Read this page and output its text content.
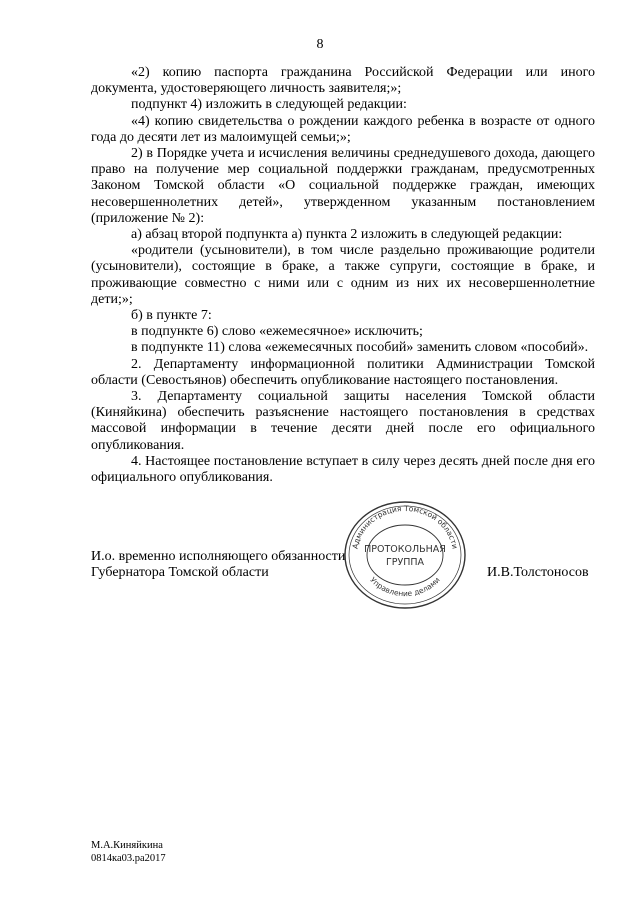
8

«2) копию паспорта гражданина Российской Федерации или иного документа, удостоверяющего личность заявителя;»;

подпункт 4) изложить в следующей редакции:

«4) копию свидетельства о рождении каждого ребенка в возрасте от одного года до десяти лет из малоимущей семьи;»;

2) в Порядке учета и исчисления величины среднедушевого дохода, дающего право на получение мер социальной поддержки гражданам, предусмотренных Законом Томской области «О социальной поддержке граждан, имеющих несовершеннолетних детей», утвержденном указанным постановлением (приложение № 2):

а) абзац второй подпункта а) пункта 2 изложить в следующей редакции:

«родители (усыновители), в том числе раздельно проживающие родители (усыновители), состоящие в браке, а также супруги, состоящие в браке, и проживающие совместно с ними или с одним из них их несовершеннолетние дети;»;

б) в пункте 7:

в подпункте 6) слово «ежемесячное» исключить;

в подпункте 11) слова «ежемесячных пособий» заменить словом «пособий».

2. Департаменту информационной политики Администрации Томской области (Севостьянов) обеспечить опубликование настоящего постановления.

3. Департаменту социальной защиты населения Томской области (Киняйкина) обеспечить разъяснение настоящего постановления в средствах массовой информации в течение десяти дней после его официального опубликования.

4. Настоящее постановление вступает в силу через десять дней после дня его официального опубликования.

И.о. временно исполняющего обязанности
Губернатора Томской области	И.В.Толстоносов
Администрация Томской области
Управление делами
ПРОТОКОЛЬНАЯ
ГРУППА
М.А.Киняйкина
0814ка03.ра2017
